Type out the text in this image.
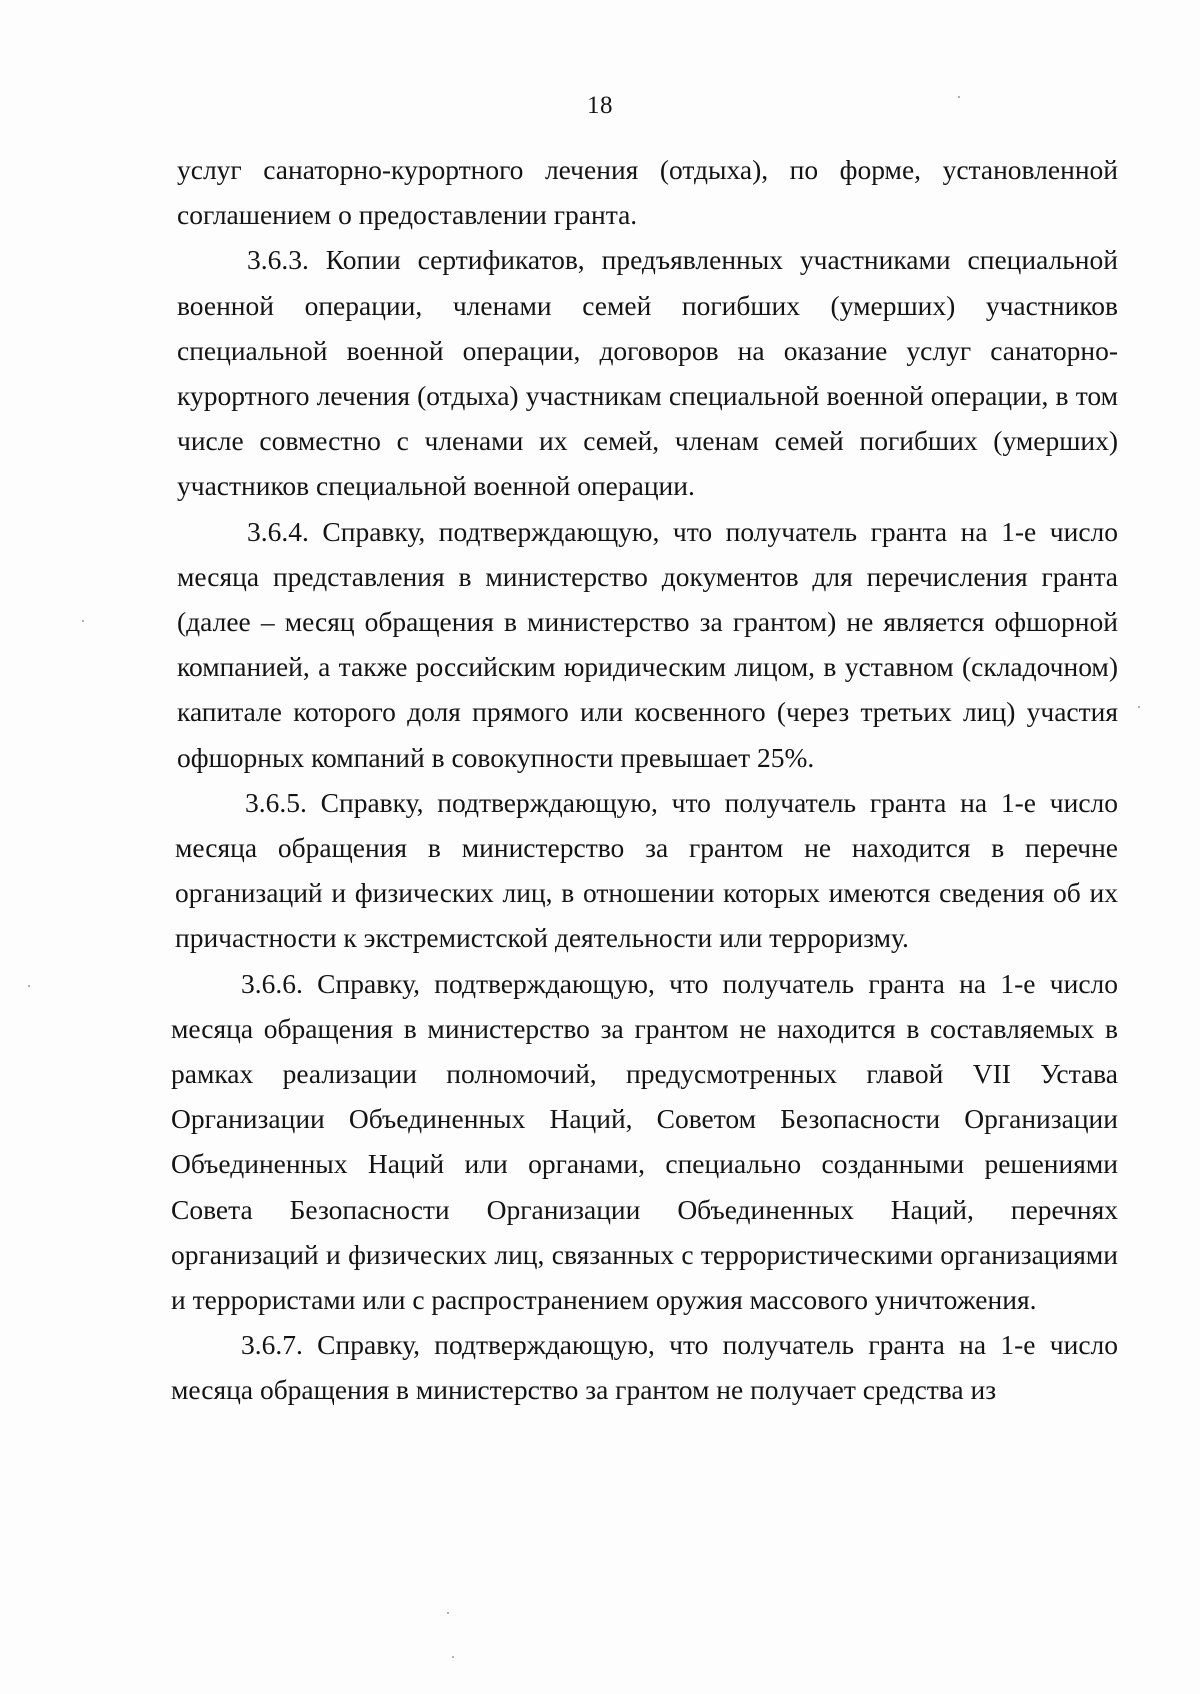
18

услуг санаторно-курортного лечения (отдыха), по форме, установленной соглашением о предоставлении гранта.

3.6.3. Копии сертификатов, предъявленных участниками специальной военной операции, членами семей погибших (умерших) участников специальной военной операции, договоров на оказание услуг санаторно-курортного лечения (отдыха) участникам специальной военной операции, в том числе совместно с членами их семей, членам семей погибших (умерших) участников специальной военной операции.

3.6.4. Справку, подтверждающую, что получатель гранта на 1-е число месяца представления в министерство документов для перечисления гранта (далее – месяц обращения в министерство за грантом) не является офшорной компанией, а также российским юридическим лицом, в уставном (складочном) капитале которого доля прямого или косвенного (через третьих лиц) участия офшорных компаний в совокупности превышает 25%.

3.6.5. Справку, подтверждающую, что получатель гранта на 1-е число месяца обращения в министерство за грантом не находится в перечне организаций и физических лиц, в отношении которых имеются сведения об их причастности к экстремистской деятельности или терроризму.

3.6.6. Справку, подтверждающую, что получатель гранта на 1-е число месяца обращения в министерство за грантом не находится в составляемых в рамках реализации полномочий, предусмотренных главой VII Устава Организации Объединенных Наций, Советом Безопасности Организации Объединенных Наций или органами, специально созданными решениями Совета Безопасности Организации Объединенных Наций, перечнях организаций и физических лиц, связанных с террористическими организациями и террористами или с распространением оружия массового уничтожения.

3.6.7. Справку, подтверждающую, что получатель гранта на 1-е число месяца обращения в министерство за грантом не получает средства из
